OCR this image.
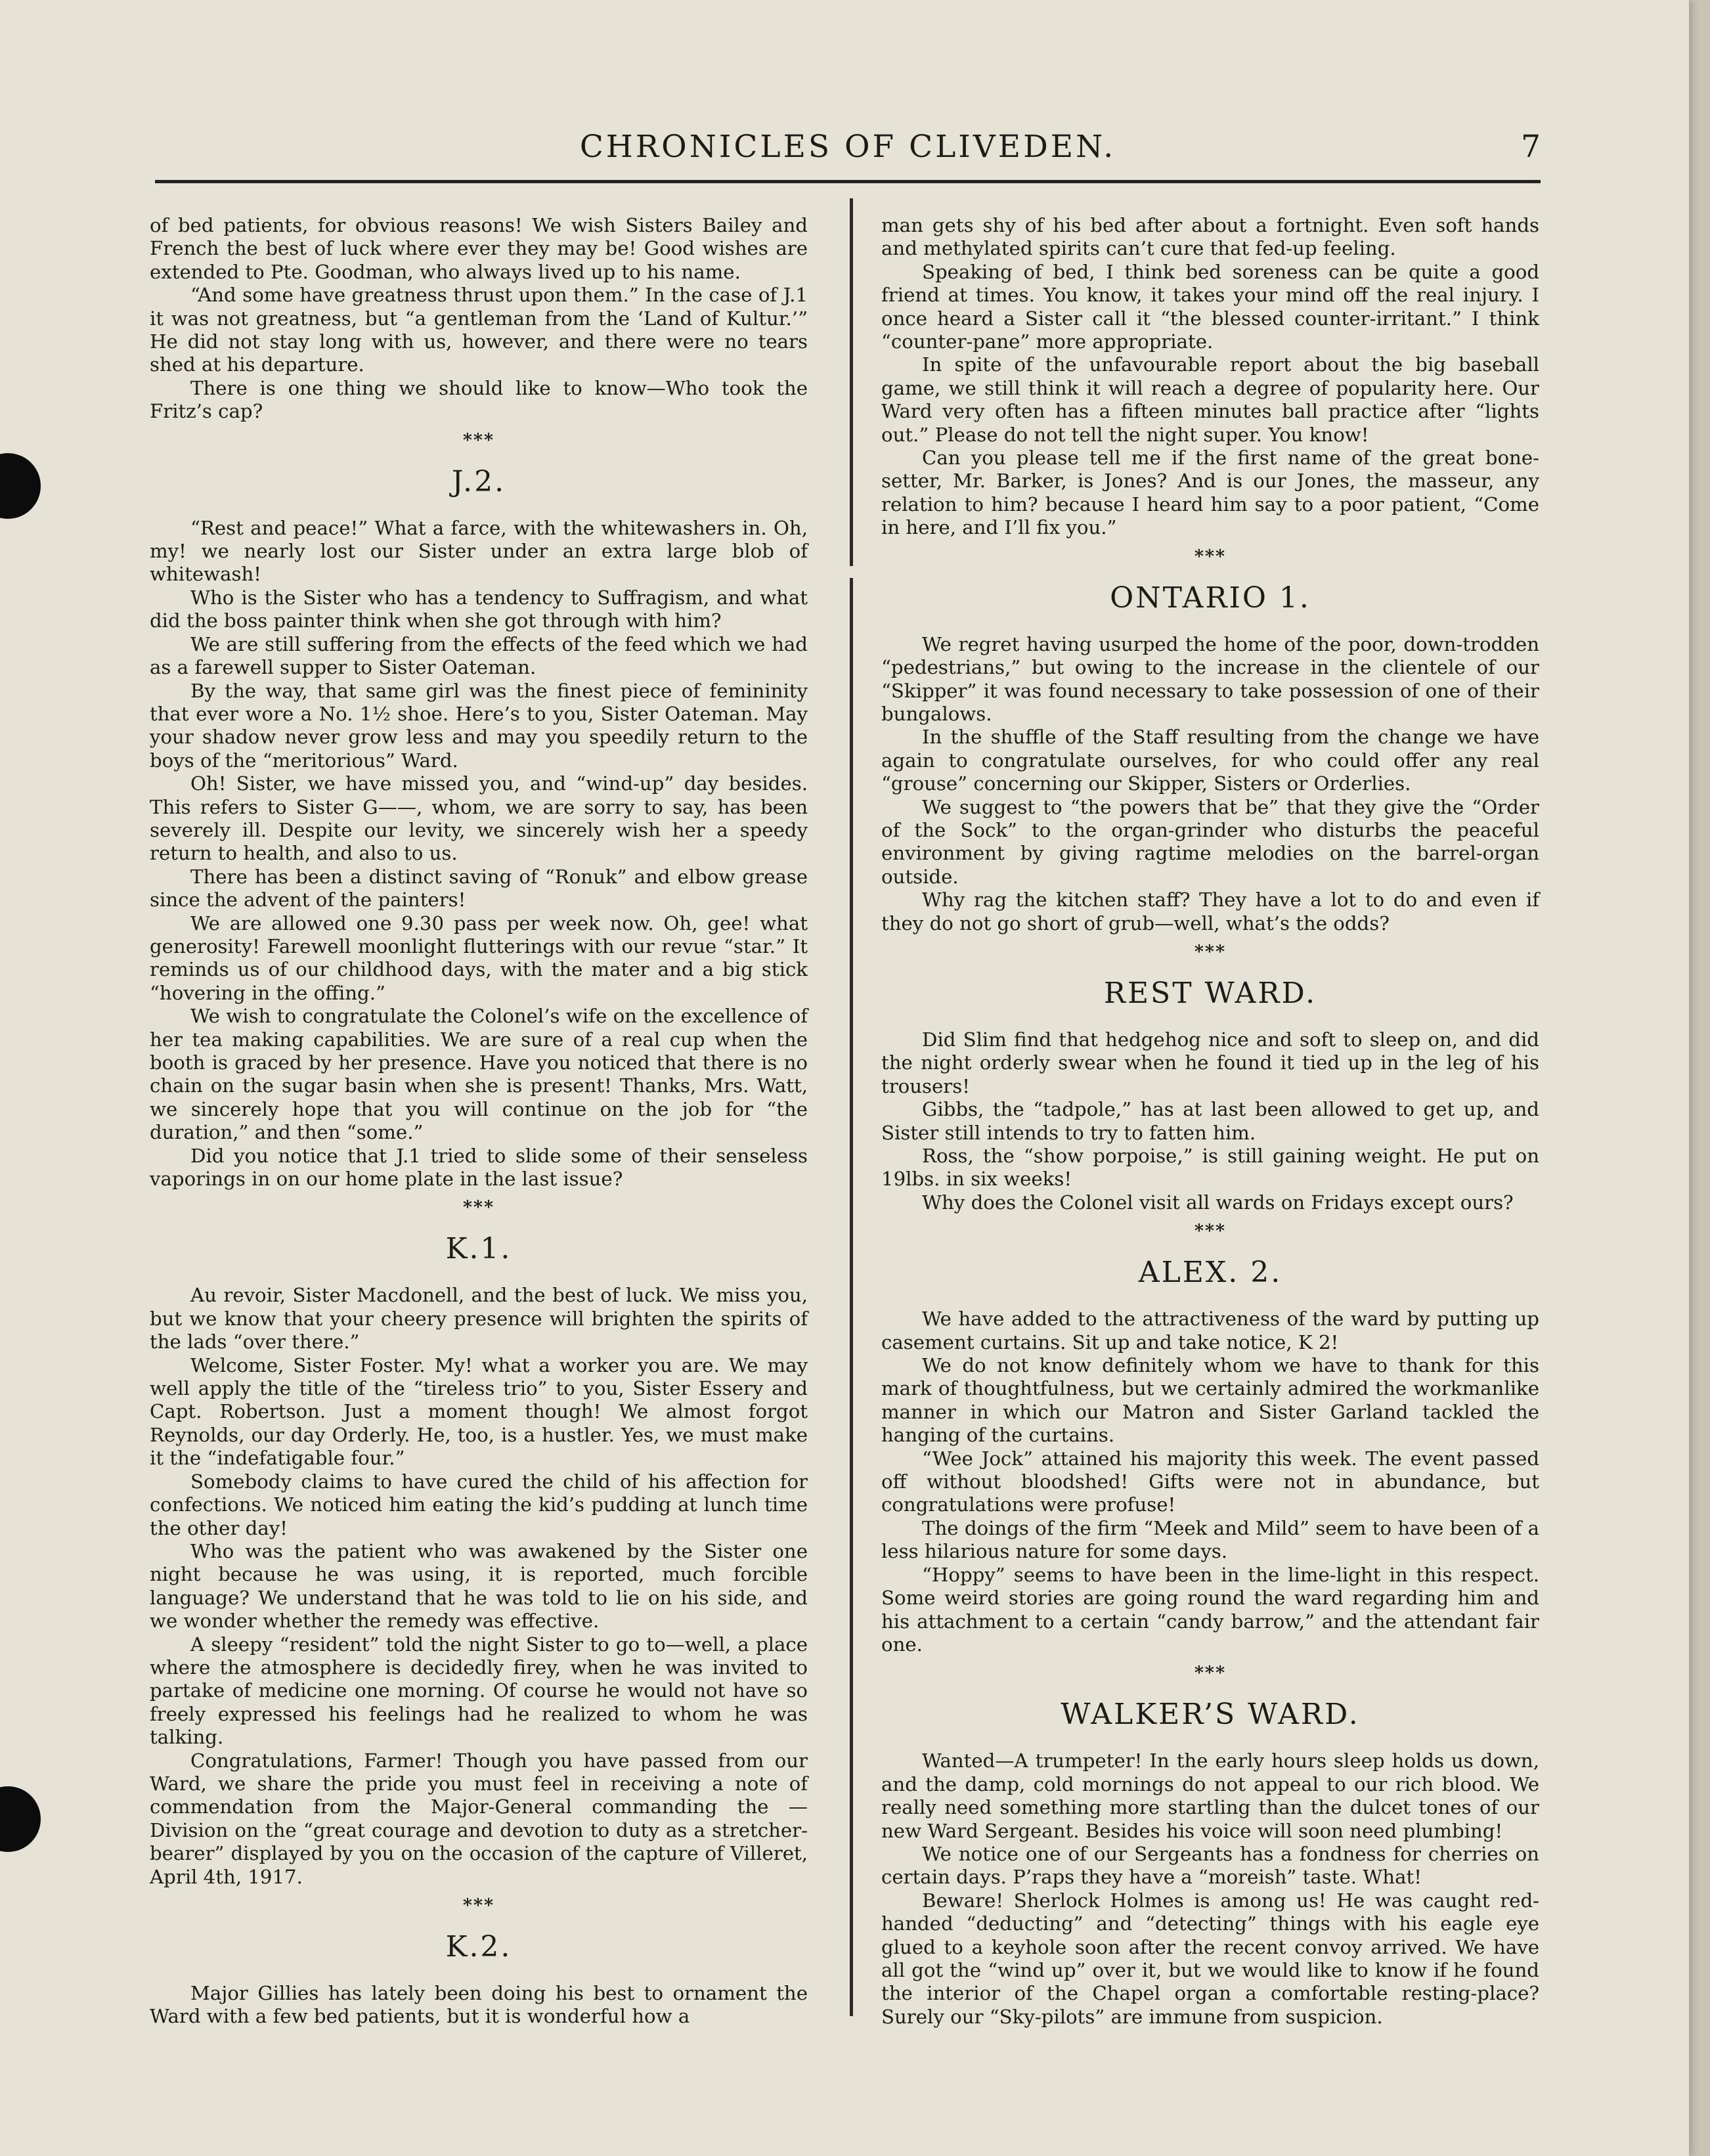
CHRONICLES OF CLIVEDEN.	7

of bed patients, for obvious reasons! We wish Sisters Bailey and French the best of luck where ever they may be! Good wishes are extended to Pte. Goodman, who always lived up to his name.

“And some have greatness thrust upon them.” In the case of J.1 it was not greatness, but “a gentleman from the ‘Land of Kultur.’” He did not stay long with us, however, and there were no tears shed at his departure.

There is one thing we should like to know—Who took the Fritz’s cap?

***
J.2.

“Rest and peace!” What a farce, with the whitewashers in. Oh, my! we nearly lost our Sister under an extra large blob of whitewash!

Who is the Sister who has a tendency to Suffragism, and what did the boss painter think when she got through with him?

We are still suffering from the effects of the feed which we had as a farewell supper to Sister Oateman.

By the way, that same girl was the finest piece of femininity that ever wore a No. 1½ shoe. Here’s to you, Sister Oateman. May your shadow never grow less and may you speedily return to the boys of the “meritorious” Ward.

Oh! Sister, we have missed you, and “wind-up” day besides. This refers to Sister G——, whom, we are sorry to say, has been severely ill. Despite our levity, we sincerely wish her a speedy return to health, and also to us.

There has been a distinct saving of “Ronuk” and elbow grease since the advent of the painters!

We are allowed one 9.30 pass per week now. Oh, gee! what generosity! Farewell moonlight flutterings with our revue “star.” It reminds us of our childhood days, with the mater and a big stick “hovering in the offing.”

We wish to congratulate the Colonel’s wife on the excellence of her tea making capabilities. We are sure of a real cup when the booth is graced by her presence. Have you noticed that there is no chain on the sugar basin when she is present! Thanks, Mrs. Watt, we sincerely hope that you will continue on the job for “the duration,” and then “some.”

Did you notice that J.1 tried to slide some of their senseless vaporings in on our home plate in the last issue?

***
K.1.

Au revoir, Sister Macdonell, and the best of luck. We miss you, but we know that your cheery presence will brighten the spirits of the lads “over there.”

Welcome, Sister Foster. My! what a worker you are. We may well apply the title of the “tireless trio” to you, Sister Essery and Capt. Robertson. Just a moment though! We almost forgot Reynolds, our day Orderly. He, too, is a hustler. Yes, we must make it the “indefatigable four.”

Somebody claims to have cured the child of his affection for confections. We noticed him eating the kid’s pudding at lunch time the other day!

Who was the patient who was awakened by the Sister one night because he was using, it is reported, much forcible language? We understand that he was told to lie on his side, and we wonder whether the remedy was effective.

A sleepy “resident” told the night Sister to go to—well, a place where the atmosphere is decidedly firey, when he was invited to partake of medicine one morning. Of course he would not have so freely expressed his feelings had he realized to whom he was talking.

Congratulations, Farmer! Though you have passed from our Ward, we share the pride you must feel in receiving a note of commendation from the Major-General commanding the — Division on the “great courage and devotion to duty as a stretcher-bearer” displayed by you on the occasion of the capture of Villeret, April 4th, 1917.

***
K.2.

Major Gillies has lately been doing his best to ornament the Ward with a few bed patients, but it is wonderful how a

man gets shy of his bed after about a fortnight. Even soft hands and methylated spirits can’t cure that fed-up feeling.

Speaking of bed, I think bed soreness can be quite a good friend at times. You know, it takes your mind off the real injury. I once heard a Sister call it “the blessed counter-irritant.” I think “counter-pane” more appropriate.

In spite of the unfavourable report about the big baseball game, we still think it will reach a degree of popularity here. Our Ward very often has a fifteen minutes ball practice after “lights out.” Please do not tell the night super. You know!

Can you please tell me if the first name of the great bone-setter, Mr. Barker, is Jones? And is our Jones, the masseur, any relation to him? because I heard him say to a poor patient, “Come in here, and I’ll fix you.”

***
ONTARIO 1.

We regret having usurped the home of the poor, down-trodden “pedestrians,” but owing to the increase in the clientele of our “Skipper” it was found necessary to take possession of one of their bungalows.

In the shuffle of the Staff resulting from the change we have again to congratulate ourselves, for who could offer any real “grouse” concerning our Skipper, Sisters or Orderlies.

We suggest to “the powers that be” that they give the “Order of the Sock” to the organ-grinder who disturbs the peaceful environment by giving ragtime melodies on the barrel-organ outside.

Why rag the kitchen staff? They have a lot to do and even if they do not go short of grub—well, what’s the odds?

***
REST WARD.

Did Slim find that hedgehog nice and soft to sleep on, and did the night orderly swear when he found it tied up in the leg of his trousers!

Gibbs, the “tadpole,” has at last been allowed to get up, and Sister still intends to try to fatten him.

Ross, the “show porpoise,” is still gaining weight. He put on 19lbs. in six weeks!

Why does the Colonel visit all wards on Fridays except ours?

***
ALEX. 2.

We have added to the attractiveness of the ward by putting up casement curtains. Sit up and take notice, K 2!

We do not know definitely whom we have to thank for this mark of thoughtfulness, but we certainly admired the workmanlike manner in which our Matron and Sister Garland tackled the hanging of the curtains.

“Wee Jock” attained his majority this week. The event passed off without bloodshed! Gifts were not in abundance, but congratulations were profuse!

The doings of the firm “Meek and Mild” seem to have been of a less hilarious nature for some days.

“Hoppy” seems to have been in the lime-light in this respect. Some weird stories are going round the ward regarding him and his attachment to a certain “candy barrow,” and the attendant fair one.

***
WALKER’S WARD.

Wanted—A trumpeter! In the early hours sleep holds us down, and the damp, cold mornings do not appeal to our rich blood. We really need something more startling than the dulcet tones of our new Ward Sergeant. Besides his voice will soon need plumbing!

We notice one of our Sergeants has a fondness for cherries on certain days. P’raps they have a “moreish” taste. What!

Beware! Sherlock Holmes is among us! He was caught red-handed “deducting” and “detecting” things with his eagle eye glued to a keyhole soon after the recent convoy arrived. We have all got the “wind up” over it, but we would like to know if he found the interior of the Chapel organ a comfortable resting-place? Surely our “Sky-pilots” are immune from suspicion.
